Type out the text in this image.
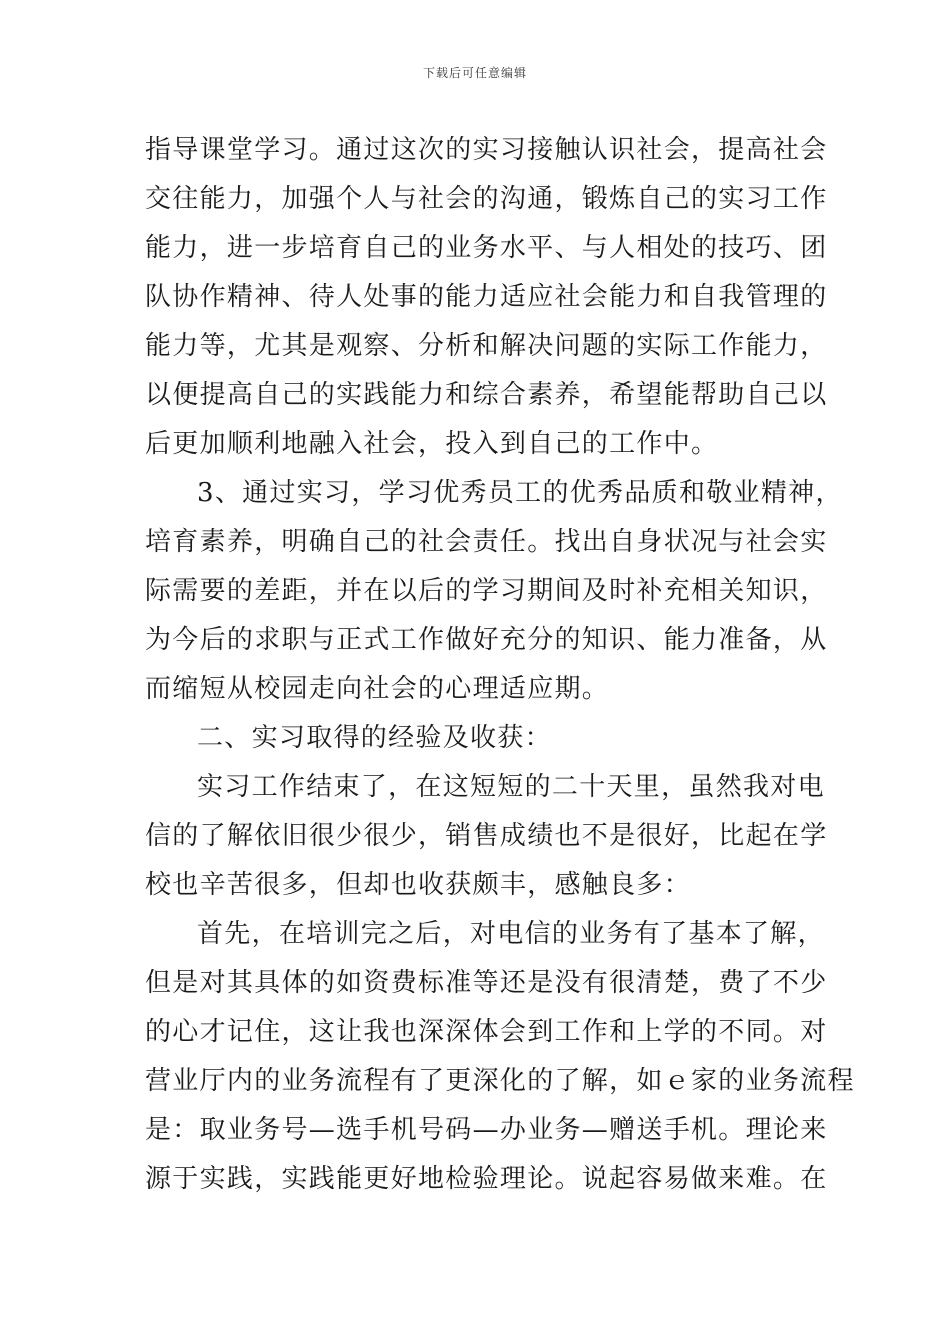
下载后可任意编辑
指导课堂学习。通过这次的实习接触认识社会，提高社会
交往能力，加强个人与社会的沟通，锻炼自己的实习工作
能力，进一步培育自己的业务水平、与人相处的技巧、团
队协作精神、待人处事的能力适应社会能力和自我管理的
能力等，尤其是观察、分析和解决问题的实际工作能力，
以便提高自己的实践能力和综合素养，希望能帮助自己以
后更加顺利地融入社会，投入到自己的工作中。
3、通过实习，学习优秀员工的优秀品质和敬业精神，
培育素养，明确自己的社会责任。找出自身状况与社会实
际需要的差距，并在以后的学习期间及时补充相关知识，
为今后的求职与正式工作做好充分的知识、能力准备，从
而缩短从校园走向社会的心理适应期。
二、实习取得的经验及收获：
实习工作结束了，在这短短的二十天里，虽然我对电
信的了解依旧很少很少，销售成绩也不是很好，比起在学
校也辛苦很多，但却也收获颇丰，感触良多：
首先，在培训完之后，对电信的业务有了基本了解，
但是对其具体的如资费标准等还是没有很清楚，费了不少
的心才记住，这让我也深深体会到工作和上学的不同。对
营业厅内的业务流程有了更深化的了解，如ｅ家的业务流程
是：取业务号—选手机号码—办业务—赠送手机。理论来
源于实践，实践能更好地检验理论。说起容易做来难。在
